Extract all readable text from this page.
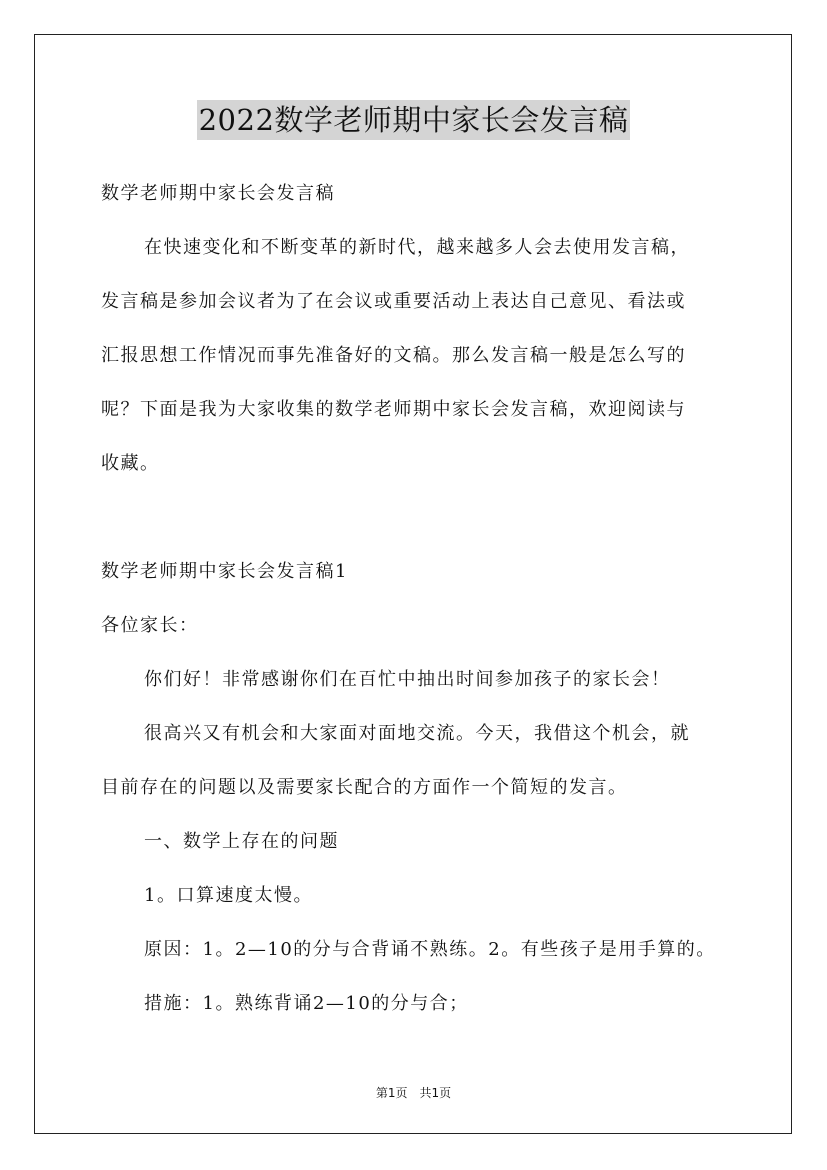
2022数学老师期中家长会发言稿
数学老师期中家长会发言稿
在快速变化和不断变革的新时代，越来越多人会去使用发言稿，
发言稿是参加会议者为了在会议或重要活动上表达自己意见、看法或
汇报思想工作情况而事先准备好的文稿。那么发言稿一般是怎么写的
呢？下面是我为大家收集的数学老师期中家长会发言稿，欢迎阅读与
收藏。
数学老师期中家长会发言稿1
各位家长：
你们好！非常感谢你们在百忙中抽出时间参加孩子的家长会！
很高兴又有机会和大家面对面地交流。今天，我借这个机会，就
目前存在的问题以及需要家长配合的方面作一个简短的发言。
一、数学上存在的问题
1。口算速度太慢。
原因：1。2—10的分与合背诵不熟练。2。有些孩子是用手算的。
措施：1。熟练背诵2—10的分与合；
第1页　共1页
